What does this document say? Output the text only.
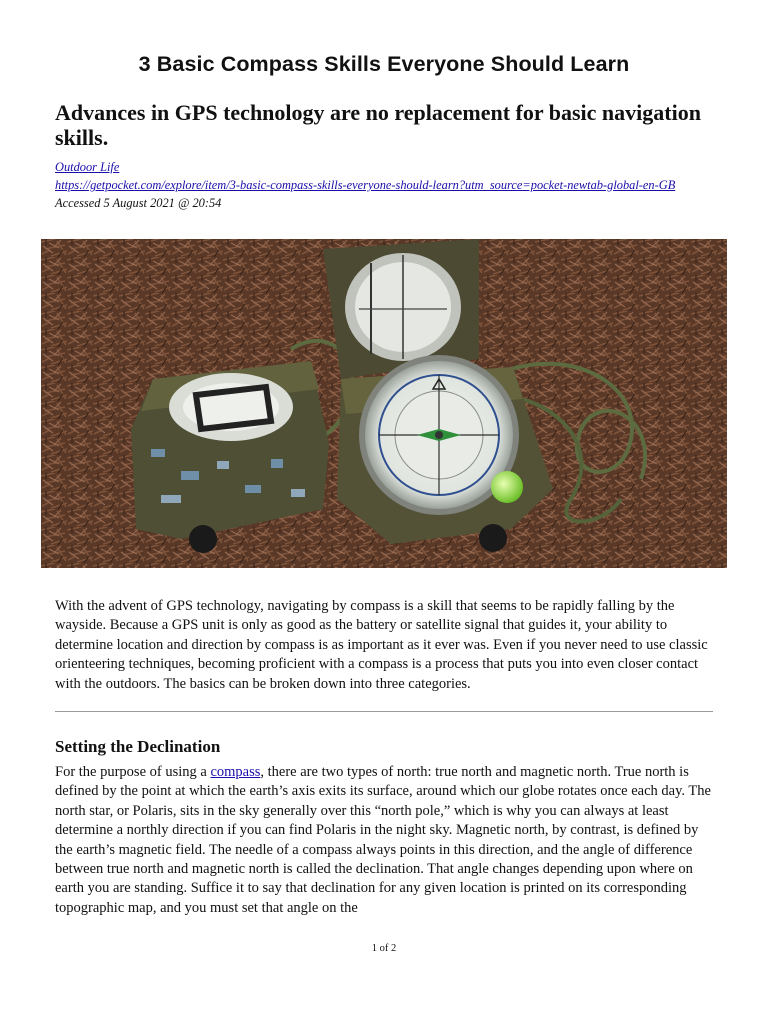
3 Basic Compass Skills Everyone Should Learn
Advances in GPS technology are no replacement for basic navigation skills.
Outdoor Life
https://getpocket.com/explore/item/3-basic-compass-skills-everyone-should-learn?utm_source=pocket-newtab-global-en-GB
Accessed 5 August 2021 @ 20:54

With the advent of GPS technology, navigating by compass is a skill that seems to be rapidly falling by the wayside. Because a GPS unit is only as good as the battery or satellite signal that guides it, your ability to determine location and direction by compass is as important as it ever was. Even if you never need to use classic orienteering techniques, becoming proficient with a compass is a process that puts you into even closer contact with the outdoors. The basics can be broken down into three categories.

Setting the Declination

For the purpose of using a compass, there are two types of north: true north and magnetic north. True north is defined by the point at which the earth’s axis exits its surface, around which our globe rotates once each day. The north star, or Polaris, sits in the sky generally over this “north pole,” which is why you can always at least determine a northly direction if you can find Polaris in the night sky. Magnetic north, by contrast, is defined by the earth’s magnetic field. The needle of a compass always points in this direction, and the angle of difference between true north and magnetic north is called the declination. That angle changes depending upon where on earth you are standing. Suffice it to say that declination for any given location is printed on its corresponding topographic map, and you must set that angle on the

1 of 2
